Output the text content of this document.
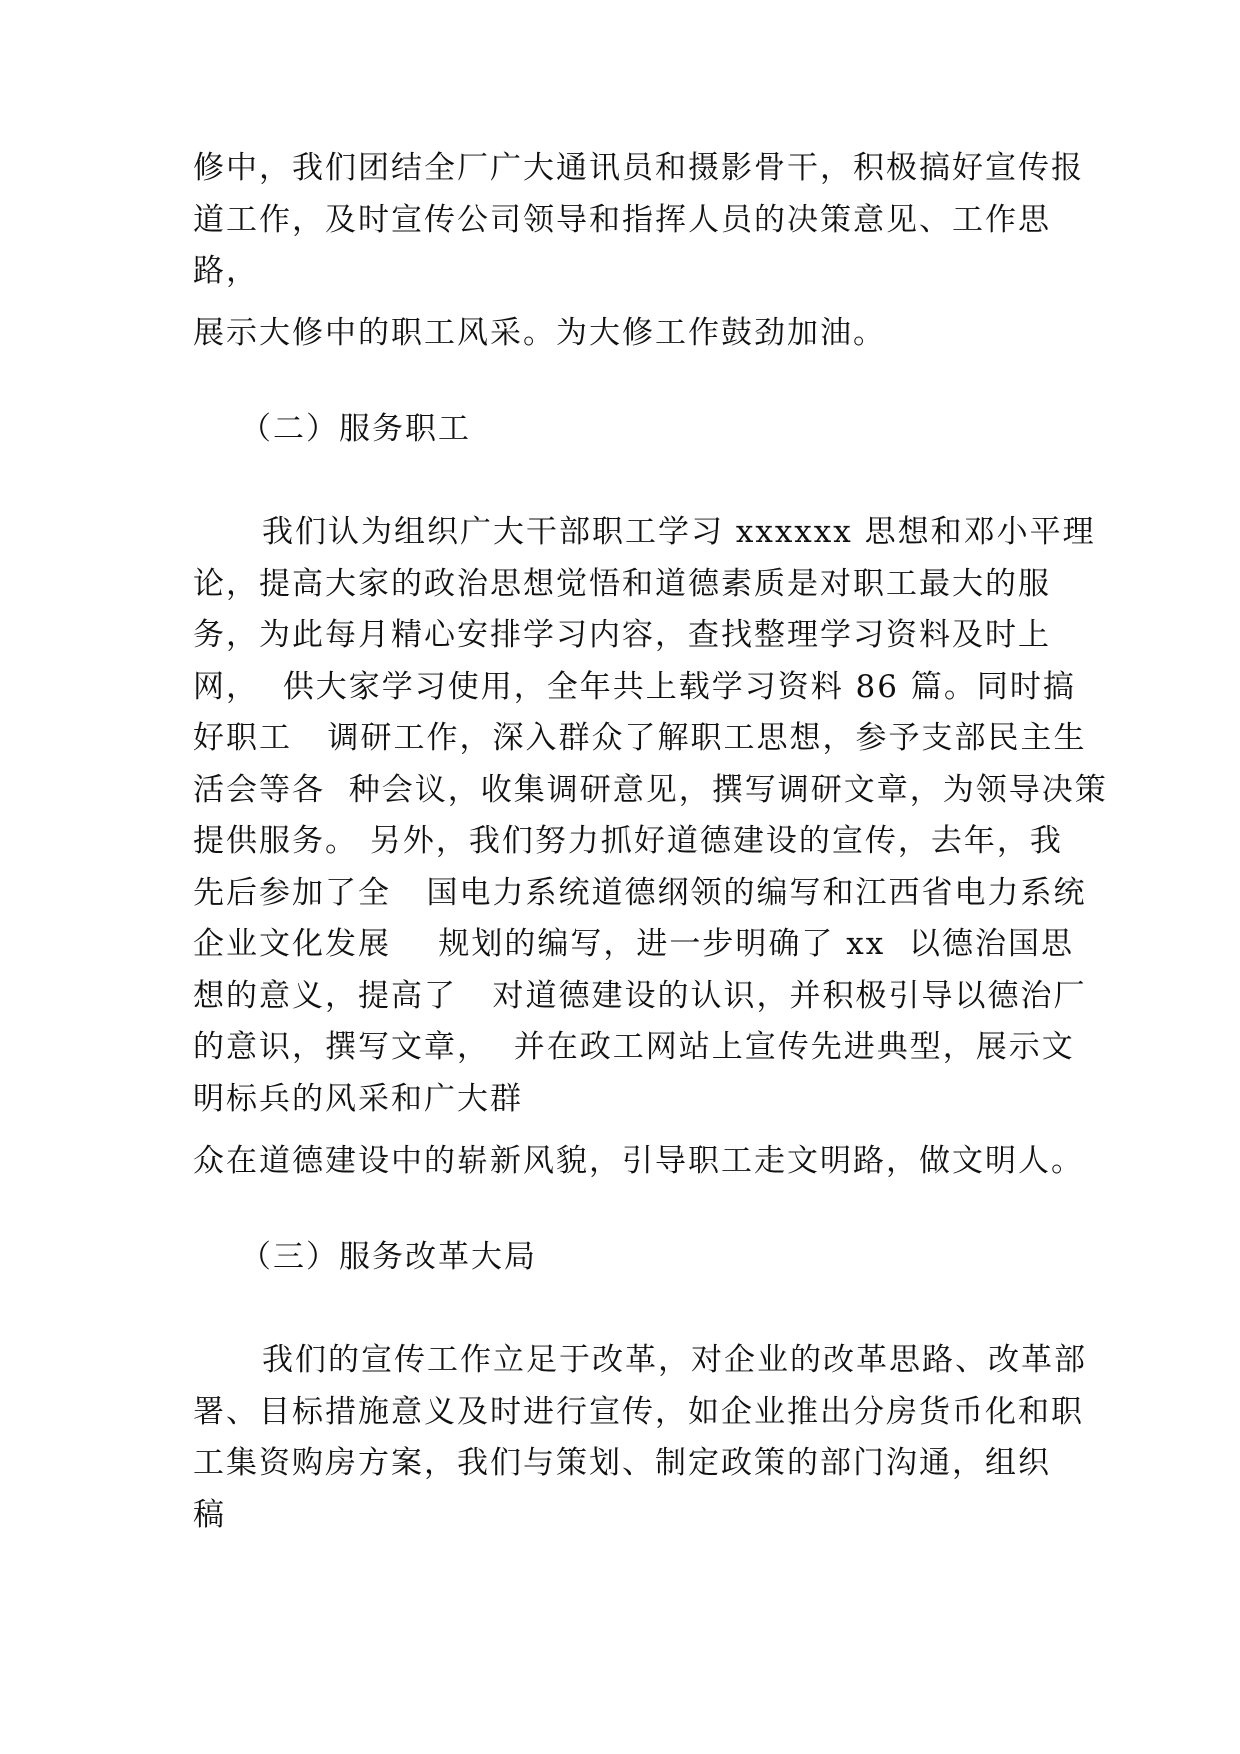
修中，我们团结全厂广大通讯员和摄影骨干，积极搞好宣传报
道工作，及时宣传公司领导和指挥人员的决策意见、工作思
路，
展示大修中的职工风采。为大修工作鼓劲加油。
（二）服务职工
我们认为组织广大干部职工学习 xxxxxx 思想和邓小平理
论，提高大家的政治思想觉悟和道德素质是对职工最大的服
务，为此每月精心安排学习内容，查找整理学习资料及时上
网，  供大家学习使用，全年共上载学习资料 86 篇。同时搞
好职工   调研工作，深入群众了解职工思想，参予支部民主生
活会等各  种会议，收集调研意见，撰写调研文章，为领导决策
提供服务。 另外，我们努力抓好道德建设的宣传，去年，我
先后参加了全   国电力系统道德纲领的编写和江西省电力系统
企业文化发展    规划的编写，进一步明确了 xx  以德治国思
想的意义，提高了   对道德建设的认识，并积极引导以德治厂
的意识，撰写文章，  并在政工网站上宣传先进典型，展示文
明标兵的风采和广大群
众在道德建设中的崭新风貌，引导职工走文明路，做文明人。
（三）服务改革大局
我们的宣传工作立足于改革，对企业的改革思路、改革部
署、目标措施意义及时进行宣传，如企业推出分房货币化和职
工集资购房方案，我们与策划、制定政策的部门沟通，组织
稿
